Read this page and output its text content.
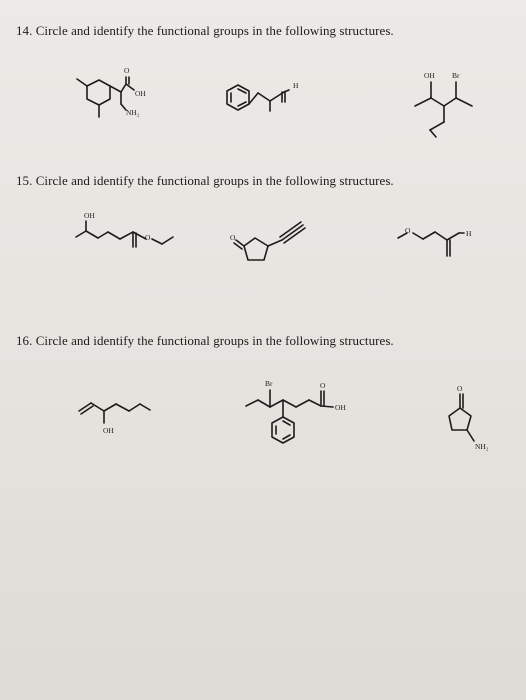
14. Circle and identify the functional groups in the following structures.
15. Circle and identify the functional groups in the following structures.
16. Circle and identify the functional groups in the following structures.
O
OH
NH₂
H
OH Br
OH
O	O
O	H
OH
Br	O
OH
O
NH₂
